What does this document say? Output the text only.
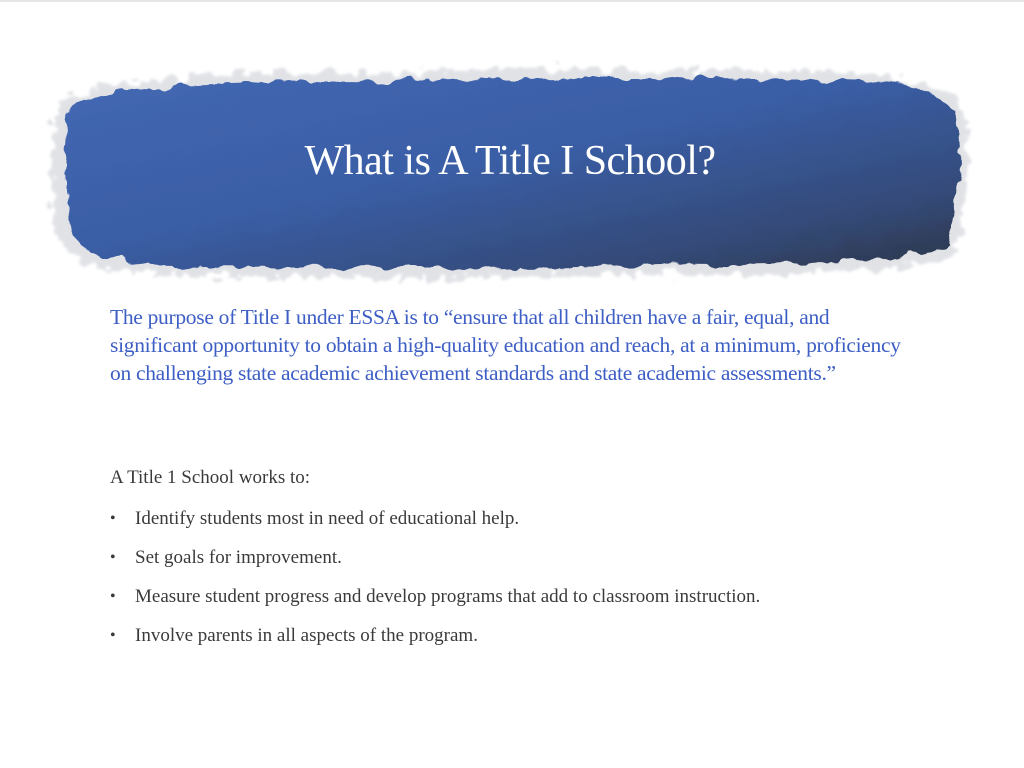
What is A Title I School?

The purpose of Title I under ESSA is to “ensure that all children have a fair, equal, and significant opportunity to obtain a high-quality education and reach, at a minimum, proficiency on challenging state academic achievement standards and state academic assessments.”

A Title 1 School works to:

• Identify students most in need of educational help.
• Set goals for improvement.
• Measure student progress and develop programs that add to classroom instruction.
• Involve parents in all aspects of the program.
